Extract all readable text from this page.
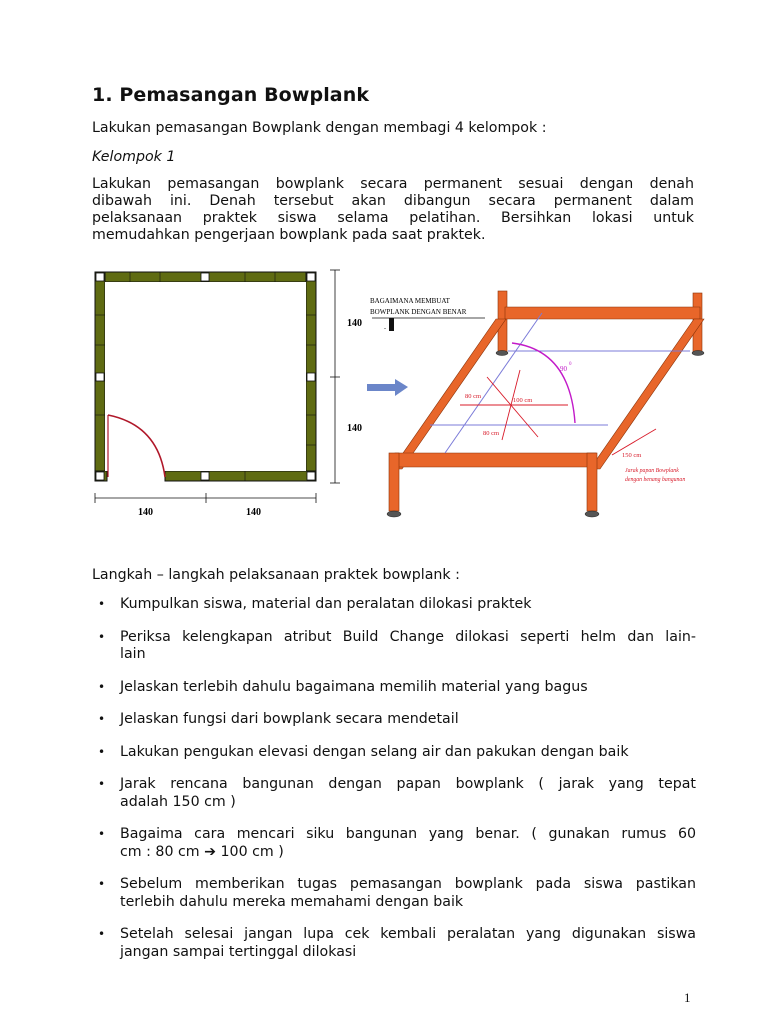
1. Pemasangan Bowplank

Lakukan pemasangan Bowplank dengan membagi 4 kelompok :

Kelompok 1

Lakukan pemasangan bowplank secara permanent sesuai dengan denah
dibawah ini. Denah tersebut akan dibangun secara permanent dalam
pelaksanaan praktek siswa selama pelatihan. Bersihkan lokasi untuk
memudahkan pengerjaan bowplank pada saat praktek.

140
140
140	140
BAGAIMANA MEMBUAT
BOWPLANK DENGAN BENAR
.
90
0
80 cm
100 cm
80 cm
150 cm
Jarak papan Bowplank
dengan benang bangunan

Langkah – langkah pelaksanaan praktek bowplank :

• Kumpulkan siswa, material dan peralatan dilokasi praktek
• Periksa kelengkapan atribut Build Change dilokasi seperti helm dan lain-
lain
• Jelaskan terlebih dahulu bagaimana memilih material yang bagus
• Jelaskan fungsi dari bowplank secara mendetail
• Lakukan pengukan elevasi dengan selang air dan pakukan dengan baik
• Jarak rencana bangunan dengan papan bowplank ( jarak yang tepat
adalah 150 cm )
• Bagaima cara mencari siku bangunan yang benar. ( gunakan rumus 60
cm : 80 cm ➔ 100 cm )
• Sebelum memberikan tugas pemasangan bowplank pada siswa pastikan
terlebih dahulu mereka memahami dengan baik
• Setelah selesai jangan lupa cek kembali peralatan yang digunakan siswa
jangan sampai tertinggal dilokasi
1
